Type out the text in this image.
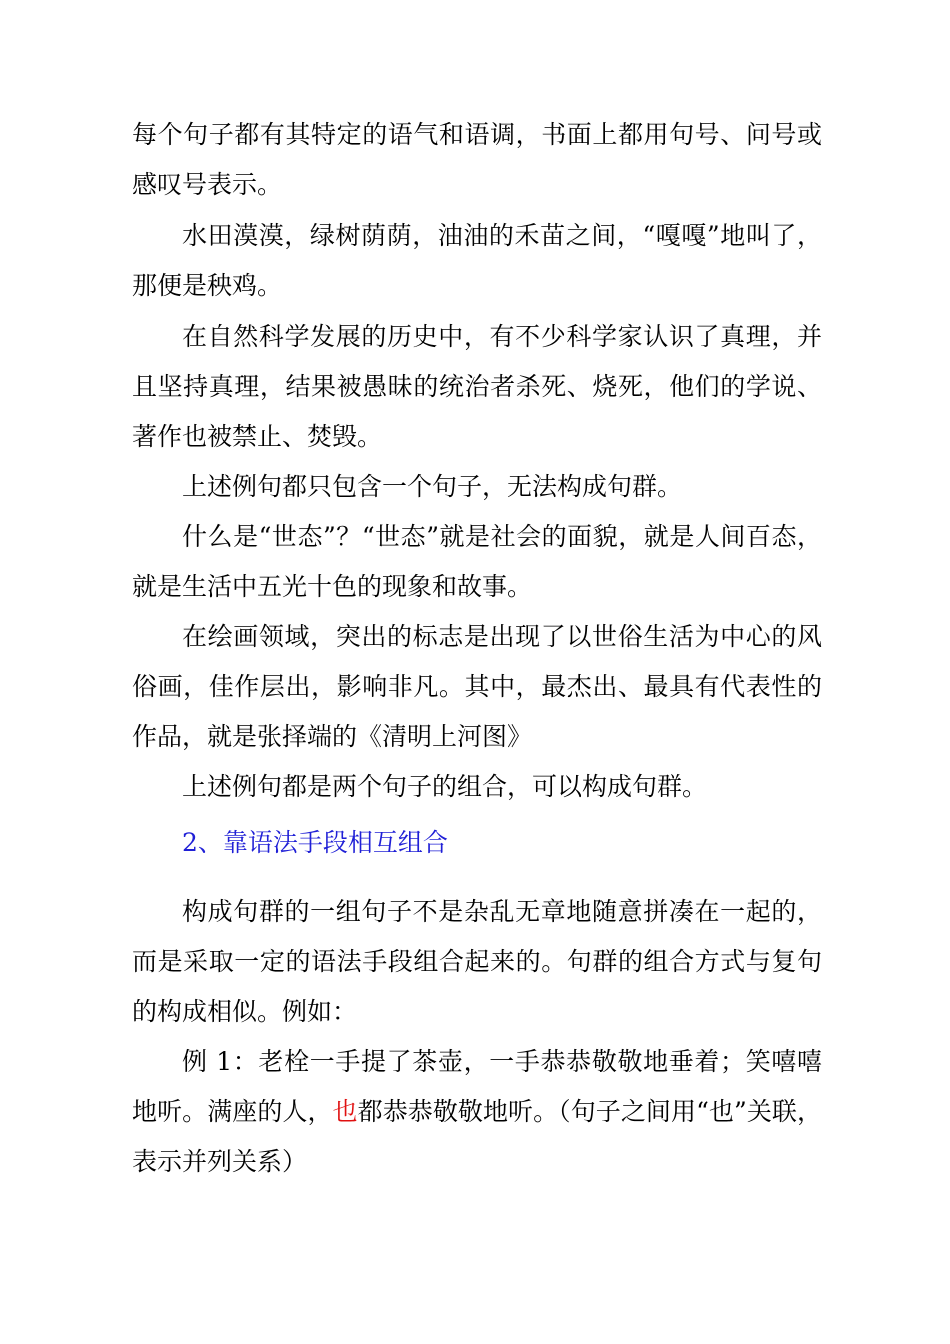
每个句子都有其特定的语气和语调，书面上都用句号、问号或感叹号表示。

水田漠漠，绿树荫荫，油油的禾苗之间，“嘎嘎”地叫了，那便是秧鸡。

在自然科学发展的历史中，有不少科学家认识了真理，并且坚持真理，结果被愚昧的统治者杀死、烧死，他们的学说、著作也被禁止、焚毁。

上述例句都只包含一个句子，无法构成句群。

什么是“世态”？“世态”就是社会的面貌，就是人间百态，就是生活中五光十色的现象和故事。

在绘画领域，突出的标志是出现了以世俗生活为中心的风俗画，佳作层出，影响非凡。其中，最杰出、最具有代表性的作品，就是张择端的《清明上河图》

上述例句都是两个句子的组合，可以构成句群。

2、靠语法手段相互组合

构成句群的一组句子不是杂乱无章地随意拼凑在一起的，而是采取一定的语法手段组合起来的。句群的组合方式与复句的构成相似。例如：

例 1：老栓一手提了茶壶，一手恭恭敬敬地垂着；笑嘻嘻地听。满座的人，也都恭恭敬敬地听。（句子之间用“也”关联，表示并列关系）
